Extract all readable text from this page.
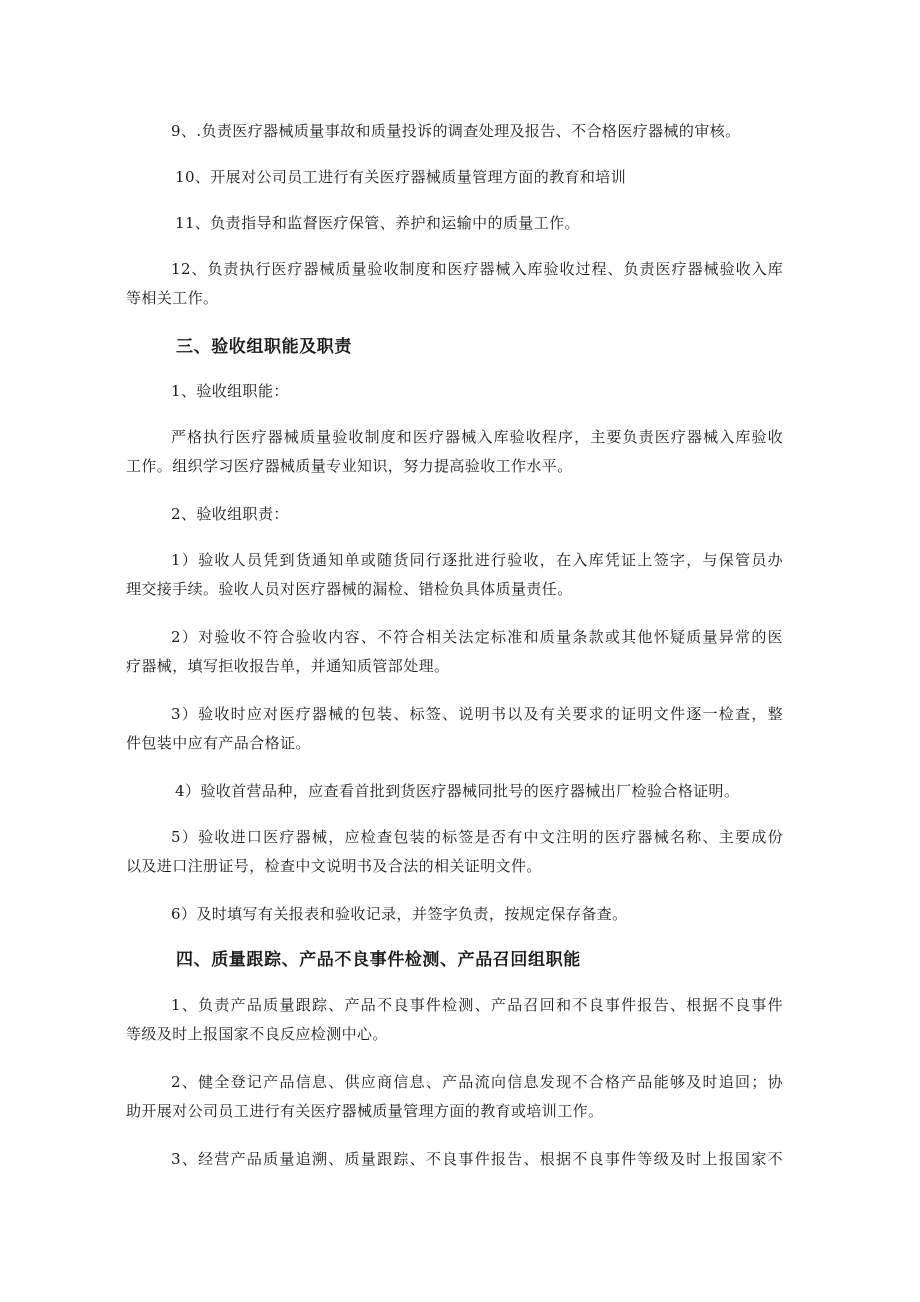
9、.负责医疗器械质量事故和质量投诉的调查处理及报告、不合格医疗器械的审核。

10、开展对公司员工进行有关医疗器械质量管理方面的教育和培训

11、负责指导和监督医疗保管、养护和运输中的质量工作。

12、负责执行医疗器械质量验收制度和医疗器械入库验收过程、负责医疗器械验收入库
等相关工作。

三、验收组职能及职责

1、验收组职能：

严格执行医疗器械质量验收制度和医疗器械入库验收程序，主要负责医疗器械入库验收
工作。组织学习医疗器械质量专业知识，努力提高验收工作水平。

2、验收组职责：

1）验收人员凭到货通知单或随货同行逐批进行验收，在入库凭证上签字，与保管员办
理交接手续。验收人员对医疗器械的漏检、错检负具体质量责任。

2）对验收不符合验收内容、不符合相关法定标准和质量条款或其他怀疑质量异常的医
疗器械，填写拒收报告单，并通知质管部处理。

3）验收时应对医疗器械的包装、标签、说明书以及有关要求的证明文件逐一检查，整
件包装中应有产品合格证。

4）验收首营品种，应查看首批到货医疗器械同批号的医疗器械出厂检验合格证明。

5）验收进口医疗器械，应检查包装的标签是否有中文注明的医疗器械名称、主要成份
以及进口注册证号，检查中文说明书及合法的相关证明文件。

6）及时填写有关报表和验收记录，并签字负责，按规定保存备查。

四、质量跟踪、产品不良事件检测、产品召回组职能

1、负责产品质量跟踪、产品不良事件检测、产品召回和不良事件报告、根据不良事件
等级及时上报国家不良反应检测中心。

2、健全登记产品信息、供应商信息、产品流向信息发现不合格产品能够及时追回；协
助开展对公司员工进行有关医疗器械质量管理方面的教育或培训工作。

3、经营产品质量追溯、质量跟踪、不良事件报告、根据不良事件等级及时上报国家不
